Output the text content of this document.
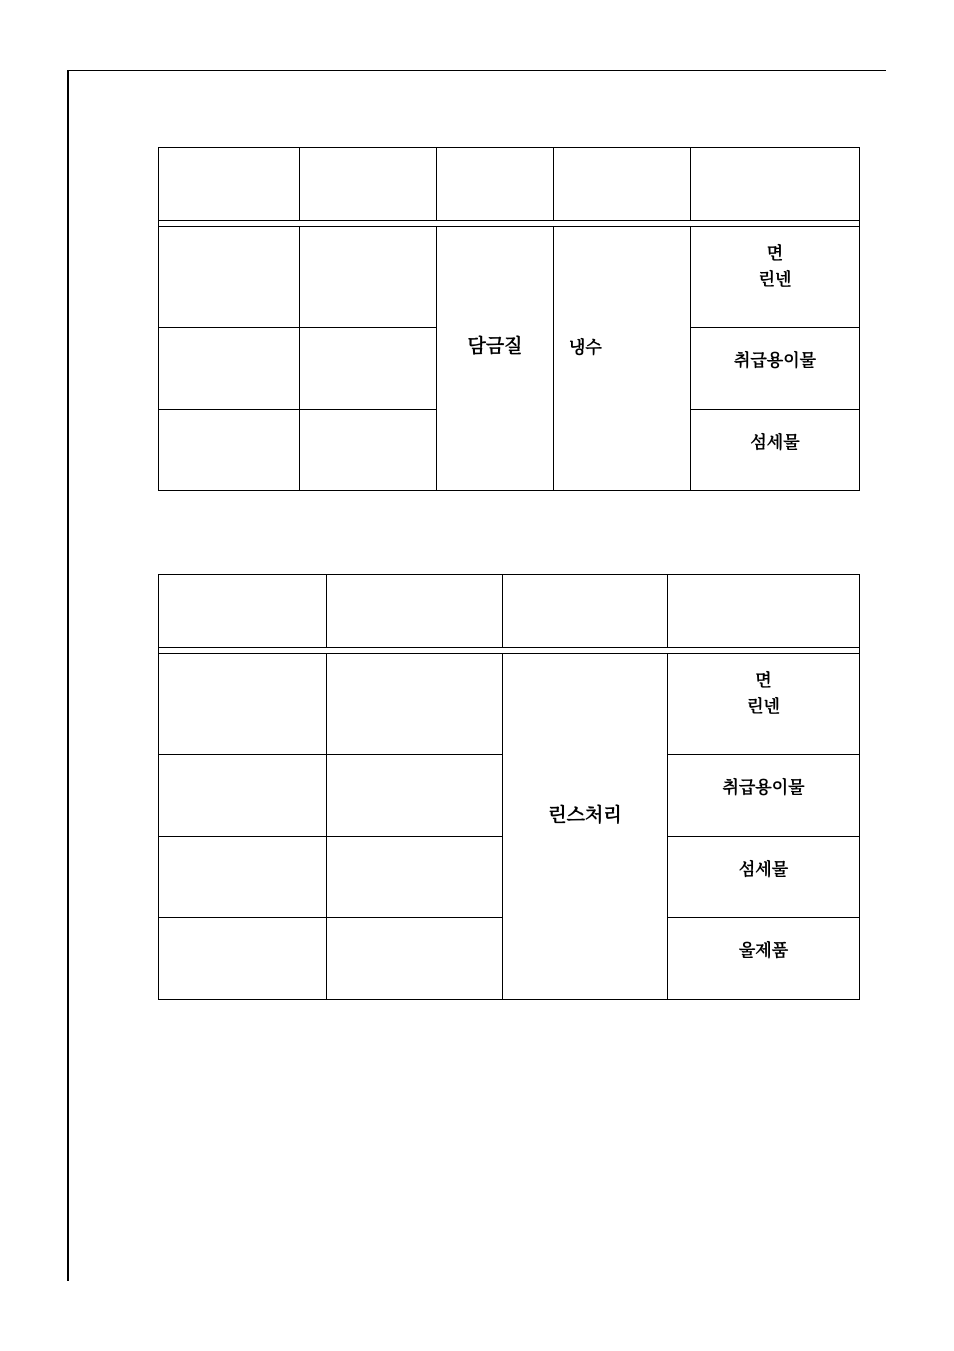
담금질	냉수
면
린넨
취급용이물
섬세물
린스처리
면
린넨
취급용이물
섬세물
울제품
